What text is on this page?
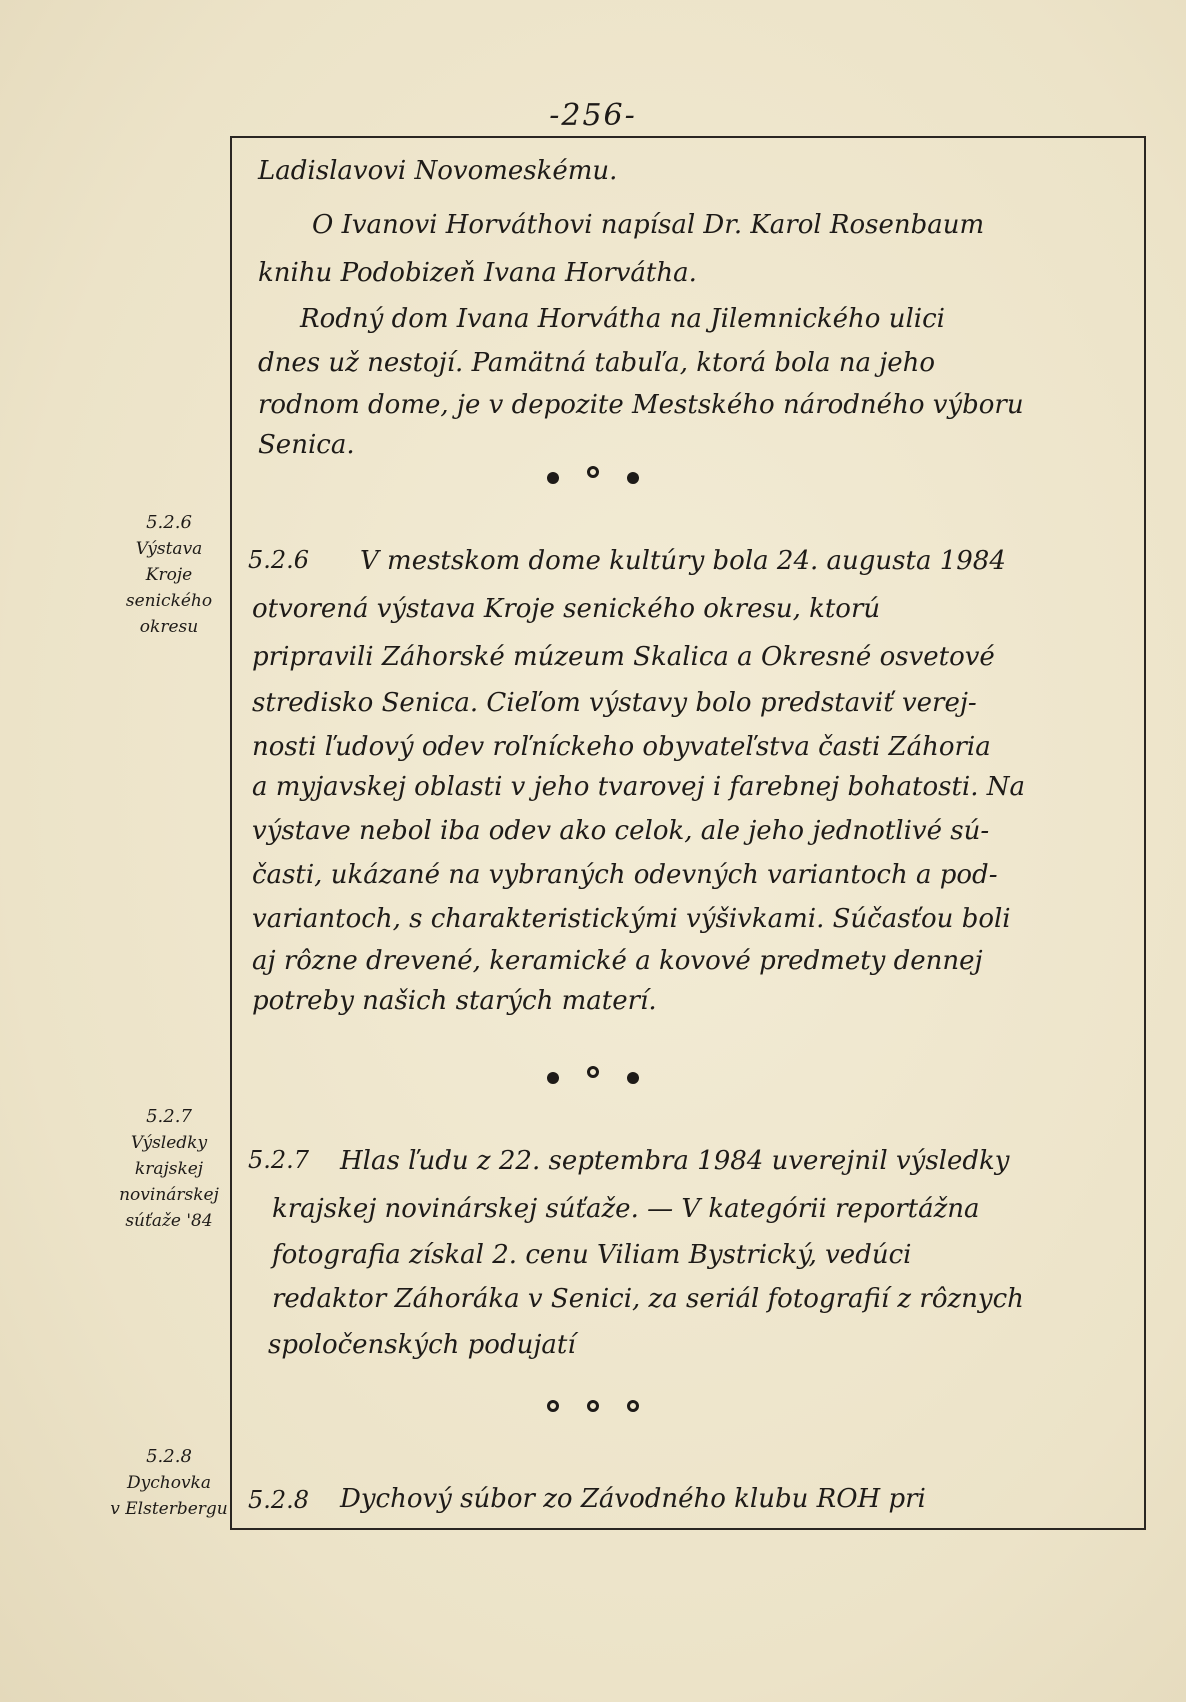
-256-
Ladislavovi Novomeskému.
O Ivanovi Horváthovi napísal Dr. Karol Rosenbaum
knihu Podobizeň Ivana Horvátha.
Rodný dom Ivana Horvátha na Jilemnického ulici
dnes už nestojí. Pamätná tabuľa, ktorá bola na jeho
rodnom dome, je v depozite Mestského národného výboru
Senica.
5.2.6
Výstava
Kroje
senického
okresu
5.2.6 V mestskom dome kultúry bola 24. augusta 1984
otvorená výstava Kroje senického okresu, ktorú
pripravili Záhorské múzeum Skalica a Okresné osvetové
stredisko Senica. Cieľom výstavy bolo predstaviť verej-
nosti ľudový odev roľníckeho obyvateľstva časti Záhoria
a myjavskej oblasti v jeho tvarovej i farebnej bohatosti. Na
výstave nebol iba odev ako celok, ale jeho jednotlivé sú-
časti, ukázané na vybraných odevných variantoch a pod-
variantoch, s charakteristickými výšivkami. Súčasťou boli
aj rôzne drevené, keramické a kovové predmety dennej
potreby našich starých materí.
5.2.7
Výsledky
krajskej
novinárskej
súťaže '84
5.2.7 Hlas ľudu z 22. septembra 1984 uverejnil výsledky
krajskej novinárskej súťaže. — V kategórii reportážna
fotografia získal 2. cenu Viliam Bystrický, vedúci
redaktor Záhoráka v Senici, za seriál fotografií z rôznych
spoločenských podujatí
5.2.8
Dychovka
v Elsterbergu 5.2.8 Dychový súbor zo Závodného klubu ROH pri
